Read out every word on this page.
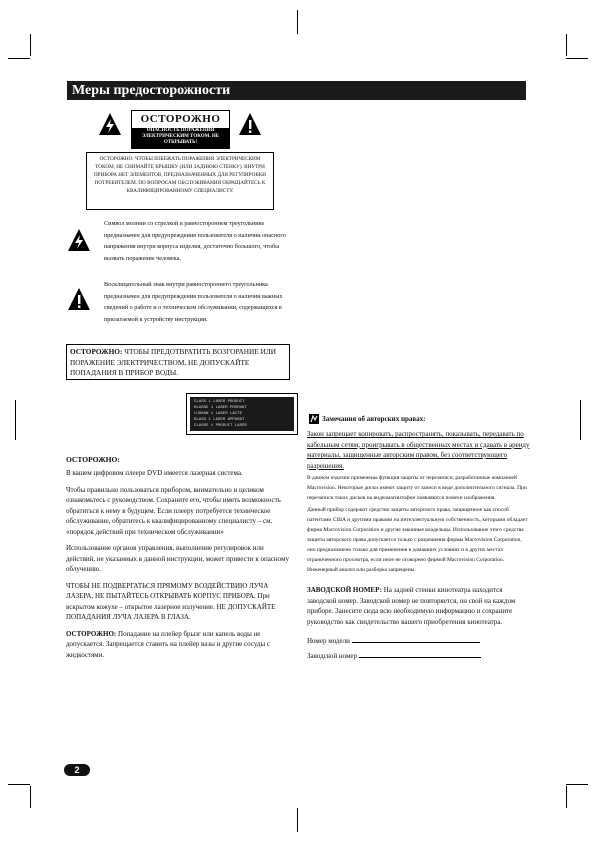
Меры предосторожности
ОСТОРОЖНО
ОПАСНОСТЬ ПОРАЖЕНИЯ ЭЛЕКТРИЧЕСКИМ ТОКОМ. НЕ ОТКРЫВАТЬ!
ОСТОРОЖНО: ЧТОБЫ ИЗБЕЖАТЬ ПОРАЖЕНИЯ ЭЛЕКТРИЧЕСКИМ ТОКОМ, НЕ СНИМАЙТЕ КРЫШКУ (ИЛИ ЗАДНЮЮ СТЕНКУ). ВНУТРИ ПРИБОРА НЕТ ЭЛЕМЕНТОВ, ПРЕДНАЗНАЧЕННЫХ ДЛЯ РЕГУЛИРОВКИ ПОТРЕБИТЕЛЕМ. ПО ВОПРОСАМ ОБСЛУЖИВАНИЯ ОБРАЩАЙТЕСЬ К КВАЛИФИЦИРОВАННОМУ СПЕЦИАЛИСТУ.
Символ молнии со стрелкой в равностороннем треугольнике предназначен для предупреждения пользователя о наличии опасного напряжения внутри корпуса изделия, достаточно большого, чтобы вызвать поражение человека.
Восклицательный знак внутри равностороннего треугольника предназначен для предупреждения пользователя о наличии важных сведений о работе и о техническом обслуживании, содержащихся в прилагаемой к устройству инструкции.
ОСТОРОЖНО: ЧТОБЫ ПРЕДОТВРАТИТЬ ВОЗГОРАНИЕ ИЛИ ПОРАЖЕНИЕ ЭЛЕКТРИЧЕСТВОМ, НЕ ДОПУСКАЙТЕ ПОПАДАНИЯ В ПРИБОР ВОДЫ.
CLASS 1 LASER PRODUCT
KLASSE 1 LASER PRODUKT
LUOKAN 1 LASER LAITE
KLASS 1 LASER APPARAT
CLASSE 1 PRODUIT LASER
ОСТОРОЖНО:
В вашем цифровом плеере DVD имеется лазерная система.
Чтобы правильно пользоваться прибором, внимательно и целиком ознакомьтесь с руководством. Сохраните его, чтобы иметь возможность обратиться к нему в будущем. Если плееру потребуется техническое обслуживание, обратитесь к квалифицированному специалисту – см. «порядок действий при техническом обслуживании»
Использование органов управления, выполнение регулировок или действий, не указанных в данной инструкции, может привести к опасному облучению.
ЧТОБЫ НЕ ПОДВЕРГАТЬСЯ ПРЯМОМУ ВОЗДЕЙСТВИЮ ЛУЧА ЛАЗЕРА, НЕ ПЫТАЙТЕСЬ ОТКРЫВАТЬ КОРПУС ПРИБОРА. При вскрытом кожухе – открытое лазерное излучение. НЕ ДОПУСКАЙТЕ ПОПАДАНИЯ ЛУЧА ЛАЗЕРА В ГЛАЗА.
ОСТОРОЖНО: Попадание на плейер брызг или капель воды не допускается. Запрещается ставить на плейер вазы и другие сосуды с жидкостями.
Замечания об авторских правах:
Закон запрещает копировать, распространять, показывать, передавать по кабельным сетям, проигрывать в общественных местах и сдавать в аренду материалы, защищенные авторским правом, без соответствующего разрешения.
В данном изделии применены функция защиты от перезаписи, разработанные компанией Macrovision. Некоторые диски имеют защиту от записи в виде дополнительного сигнала. При перезаписи таких дисков на видеомагнитофон появляются помехи изображения.
Данный прибор содержит средство защиты авторского права, защищенное как способ патентами США и другими правами на интеллектуальную собственность, которыми обладает фирма Macrovision Corporation и другие законные владельцы. Использование этого средства защиты авторского права допускается только с разрешения фирмы Macrovision Corporation, оно предназначено только для применения в домашних условиях и в других местах ограниченного просмотра, если иное не оговорено фирмой Macrovision Corporation. Инженерный анализ или разборка запрещены.
ЗАВОДСКОЙ НОМЕР: На задней стенки кинотеатра находится заводской номер. Заводской номер не повторяется, он свой на каждом приборе. Занесите сюда всю необходимую информацию и сохраните руководство как свидетельство вашего приобретения кинотеатра.
Номер модели
Заводской номер
2
